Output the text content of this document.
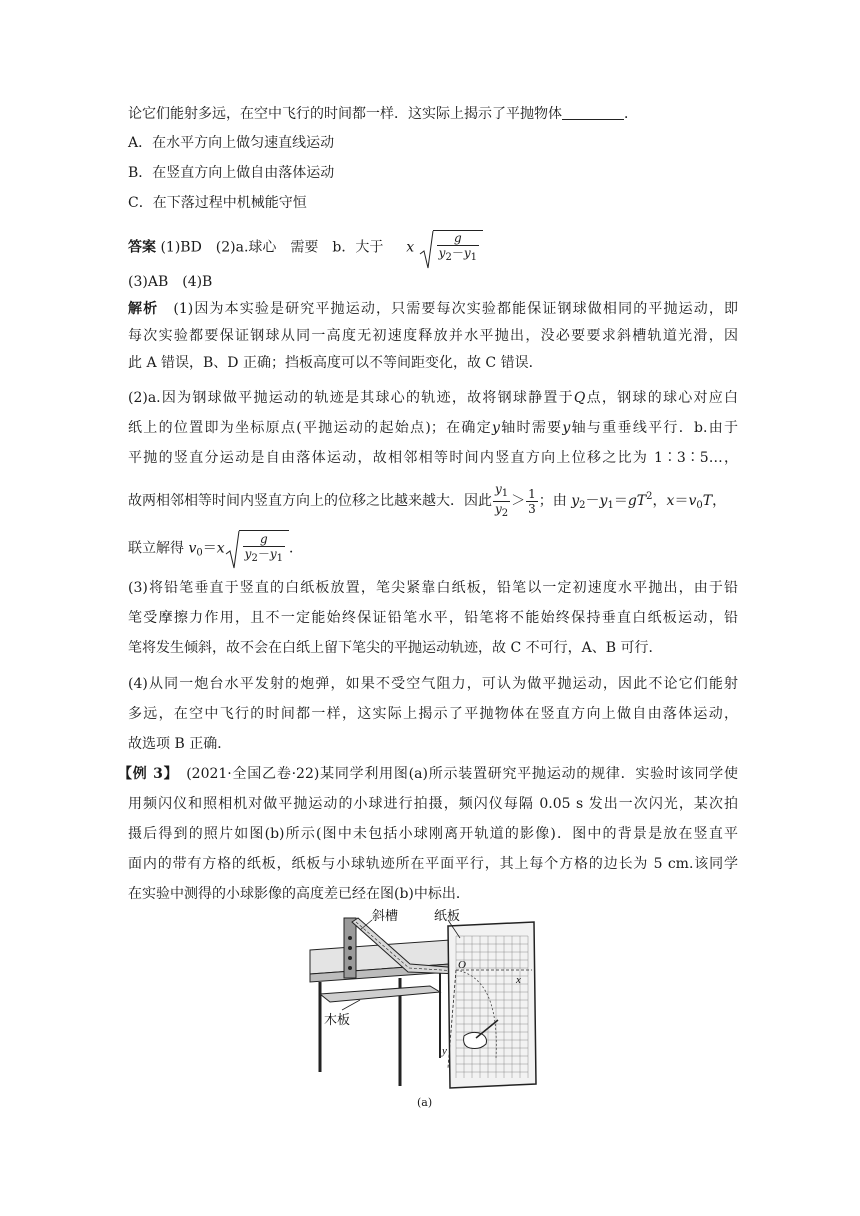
论它们能射多远，在空中飞行的时间都一样．这实际上揭示了平抛物体	．
A．在水平方向上做匀速直线运动
B．在竖直方向上做自由落体运动
C．在下落过程中机械能守恒
答案 (1)BD　(2)a.球心　需要　b．大于 x $\frac{g}{y_2-y_1}$
(3)AB　(4)B
解析　 (1)因为本实验是研究平抛运动，只需要每次实验都能保证钢球做相同的平抛运动，即
每次实验都要保证钢球从同一高度无初速度释放并水平抛出，没必要要求斜槽轨道光滑，因
此 A 错误，B、D 正确；挡板高度可以不等间距变化，故 C 错误．
(2)a.因为钢球做平抛运动的轨迹是其球心的轨迹，故将钢球静置于Q点，钢球的球心对应白
纸上的位置即为坐标原点(平抛运动的起始点)；在确定y轴时需要y轴与重垂线平行．b.由于
平抛的竖直分运动是自由落体运动，故相邻相等时间内竖直方向上位移之比为 1∶3∶5…，
故两相邻相等时间内竖直方向上的位移之比越来越大．因此 $\frac{y_1}{y_2} > \frac{1}{3}$ ；由 $y_2-y_1=gT^2$，$x=v_0T$，
联立解得 $v_0=x \frac{g}{y_2-y_1}$ ．
(3)将铅笔垂直于竖直的白纸板放置，笔尖紧靠白纸板，铅笔以一定初速度水平抛出，由于铅
笔受摩擦力作用，且不一定能始终保证铅笔水平，铅笔将不能始终保持垂直白纸板运动，铅
笔将发生倾斜，故不会在白纸上留下笔尖的平抛运动轨迹，故 C 不可行，A、B 可行．
(4)从同一炮台水平发射的炮弹，如果不受空气阻力，可认为做平抛运动，因此不论它们能射
多远，在空中飞行的时间都一样，这实际上揭示了平抛物体在竖直方向上做自由落体运动，
故选项 B 正确．
【例 3】　 (2021·全国乙卷·22)某同学利用图(a)所示装置研究平抛运动的规律．实验时该同学使
用频闪仪和照相机对做平抛运动的小球进行拍摄，频闪仪每隔 0.05 s 发出一次闪光，某次拍
摄后得到的照片如图(b)所示(图中未包括小球刚离开轨道的影像)．图中的背景是放在竖直平
面内的带有方格的纸板，纸板与小球轨迹所在平面平行，其上每个方格的边长为 5 cm.该同学
在实验中测得的小球影像的高度差已经在图(b)中标出．
斜槽	纸板
木板
O
x
y
(a)
